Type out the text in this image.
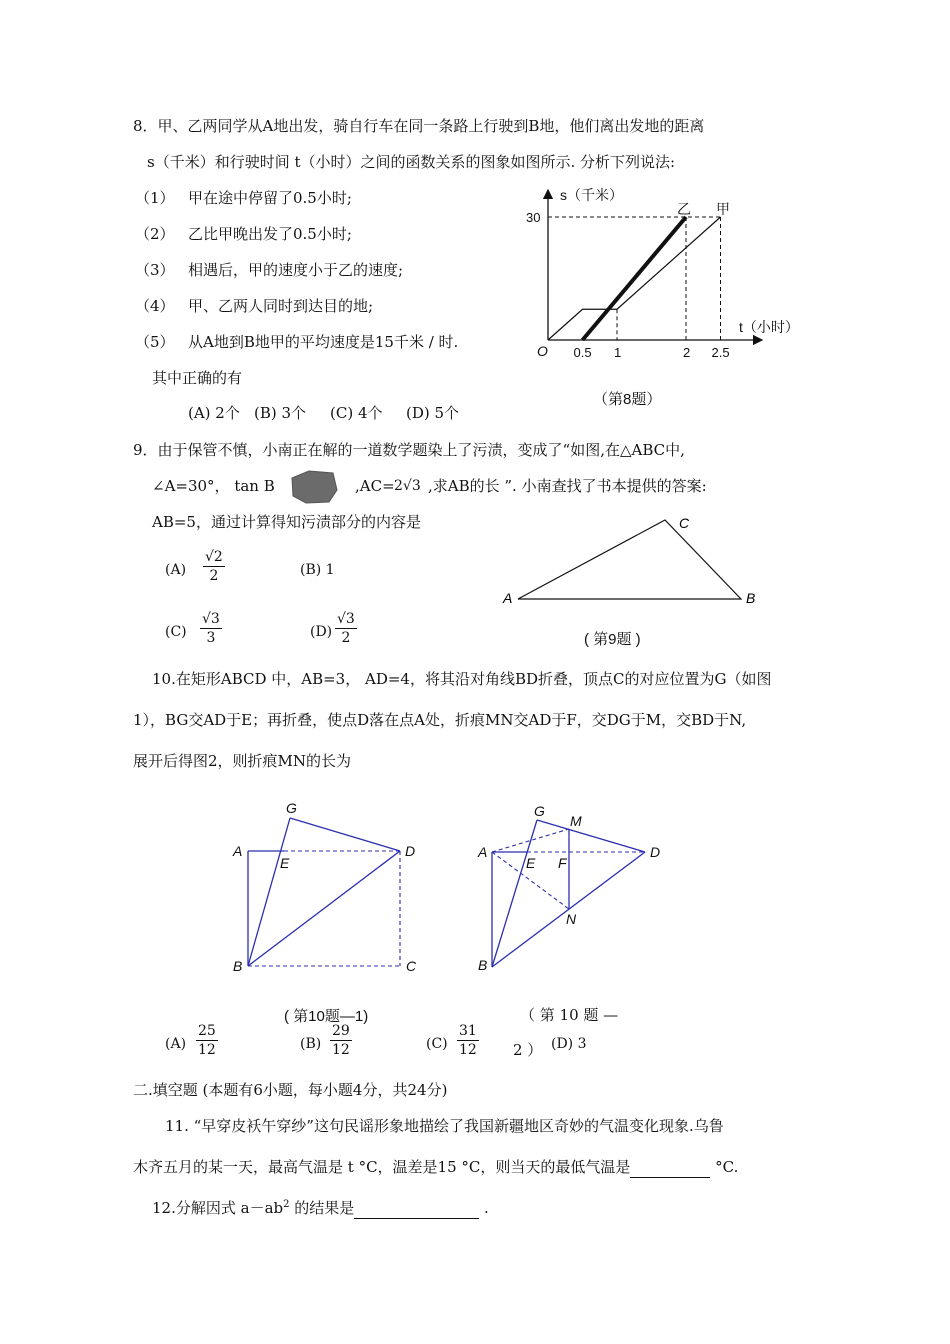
8．甲、乙两同学从A地出发，骑自行车在同一条路上行驶到B地，他们离出发地的距离
s（千米）和行驶时间 t（小时）之间的函数关系的图象如图所示. 分析下列说法:
（1） 甲在途中停留了0.5小时;
（2） 乙比甲晚出发了0.5小时;
（3） 相遇后，甲的速度小于乙的速度;
（4） 甲、乙两人同时到达目的地;
（5） 从A地到B地甲的平均速度是15千米 / 时.
其中正确的有
(A) 2个 (B) 3个 (C) 4个 (D) 5个
0.5 1	2 2.5
30
s（千米）
t（小时）
O
乙 甲
（第8题）
9．由于保管不慎，小南正在解的一道数学题染上了污渍，变成了“如图,在△ABC中,
∠A=30°， tan B	,AC= 2√3 ,求AB的长 ”. 小南查找了书本提供的答案:
AB=5，通过计算得知污渍部分的内容是
$(A) \frac{√2}{2}$	(B) 1
$(C) \frac{√3}{3}$	$(D) \frac{√3}{2}$
A	B
C
( 第9题 )
10.在矩形ABCD 中，AB=3， AD=4，将其沿对角线BD折叠，顶点C的对应位置为G（如图
1），BG交AD于E；再折叠，使点D落在点A处，折痕MN交AD于F，交DG于M，交BD于N,
展开后得图2，则折痕MN的长为
A
B	C
D
E
G
A
B
D
E F
G
M
N
( 第10题—1)	（ 第 10 题 —
2 ）
$(A) \frac{25}{12}$	$(B) \frac{29}{12}$	$(C) \frac{31}{12}$	(D) 3
二.填空题 (本题有6小题，每小题4分，共24分)
11. “早穿皮袄午穿纱”这句民谣形象地描绘了我国新疆地区奇妙的气温变化现象.乌鲁
木齐五月的某一天，最高气温是 t °C，温差是15 °C，则当天的最低气温是	°C.
12.分解因式 $a-ab^2$ 的结果是	.
